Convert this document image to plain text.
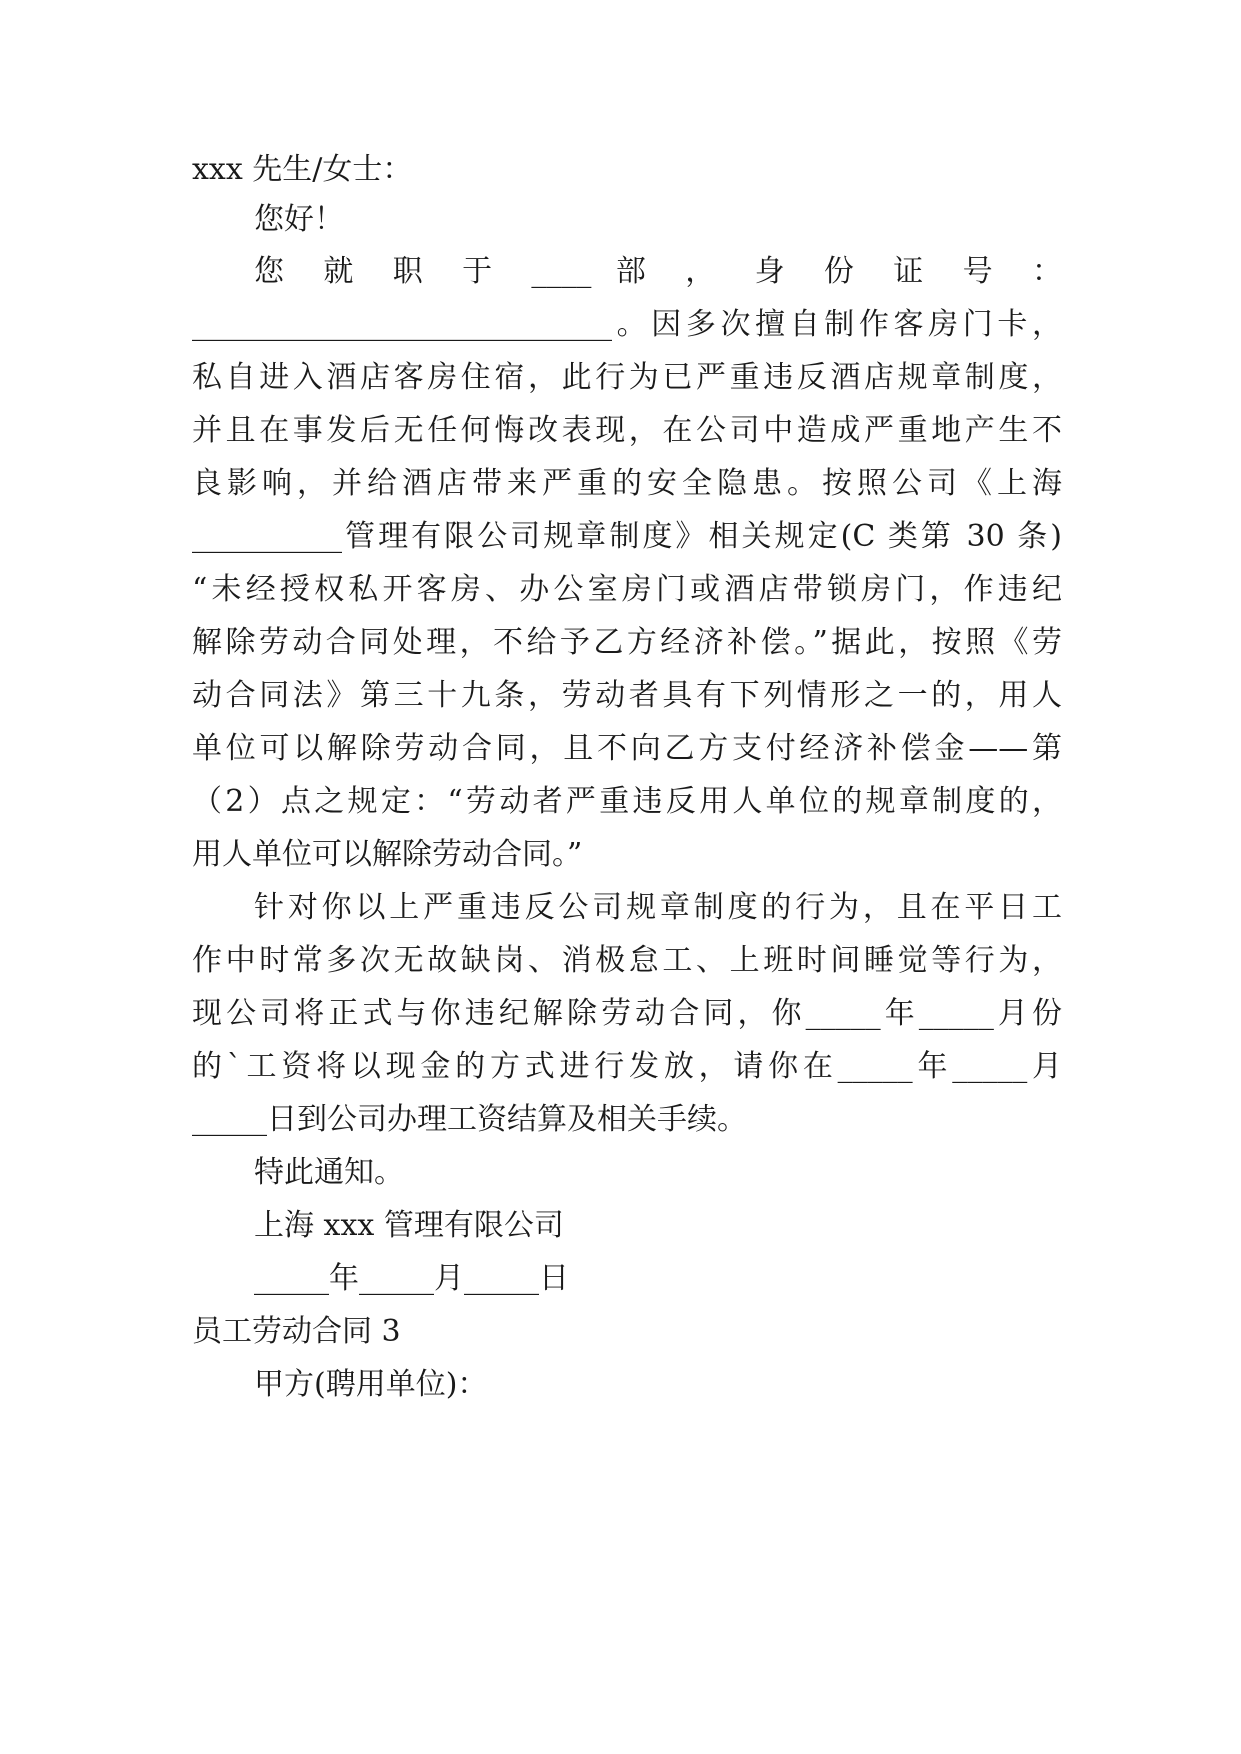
xxx 先生/女士：
您好！
您 就 职 于 ____ 部 ， 身 份 证 号 ：
____________________________。因多次擅自制作客房门卡，
私自进入酒店客房住宿，此行为已严重违反酒店规章制度，
并且在事发后无任何悔改表现，在公司中造成严重地产生不
良影响，并给酒店带来严重的安全隐患。按照公司《上海
__________管理有限公司规章制度》相关规定(C 类第 30 条)
“未经授权私开客房、办公室房门或酒店带锁房门，作违纪
解除劳动合同处理，不给予乙方经济补偿。”据此，按照《劳
动合同法》第三十九条，劳动者具有下列情形之一的，用人
单位可以解除劳动合同，且不向乙方支付经济补偿金——第
（2）点之规定：“劳动者严重违反用人单位的规章制度的，
用人单位可以解除劳动合同。”
针对你以上严重违反公司规章制度的行为，且在平日工
作中时常多次无故缺岗、消极怠工、上班时间睡觉等行为，
现公司将正式与你违纪解除劳动合同，你_____年_____月份
的`工资将以现金的方式进行发放，请你在_____年_____月
_____日到公司办理工资结算及相关手续。
特此通知。
上海 xxx 管理有限公司
_____年_____月_____日
员工劳动合同 3
甲方(聘用单位)：
